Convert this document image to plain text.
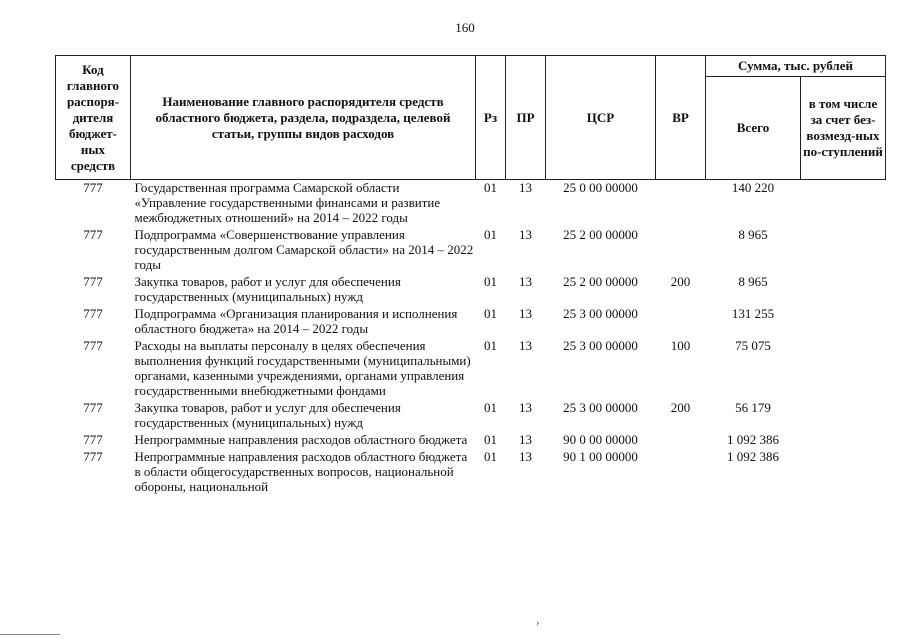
160
Код главного распоря-дителя бюджет-ных средств	Наименование главного распорядителя средств областного бюджета, раздела, подраздела, целевой статьи, группы видов расходов	Рз	ПР	ЦСР	ВР	Сумма, тыс. рублей	
						Всего	в том числе за счет без-возмезд-ных по-ступлений
777	Государственная программа Самарской области «Управление государственными финансами и развитие межбюджетных отношений» на 2014 – 2022 годы	01	13	25 0 00 00000		140 220	
777	Подпрограмма «Совершенствование управления государственным долгом Самарской области» на 2014 – 2022 годы	01	13	25 2 00 00000		8 965	
777	Закупка товаров, работ и услуг для обеспечения государственных (муниципальных) нужд	01	13	25 2 00 00000	200	8 965	
777	Подпрограмма «Организация планирования и исполнения областного бюджета» на 2014 – 2022 годы	01	13	25 3 00 00000		131 255	
777	Расходы на выплаты персоналу в целях обеспечения выполнения функций государственными (муниципальными) органами, казенными учреждениями, органами управления государственными внебюджетными фондами	01	13	25 3 00 00000	100	75 075	
777	Закупка товаров, работ и услуг для обеспечения государственных (муниципальных) нужд	01	13	25 3 00 00000	200	56 179	
777	Непрограммные направления расходов областного бюджета	01	13	90 0 00 00000		1 092 386	
777	Непрограммные направления расходов областного бюджета в области общегосударственных вопросов, национальной обороны, национальной	01	13	90 1 00 00000		1 092 386	
›
